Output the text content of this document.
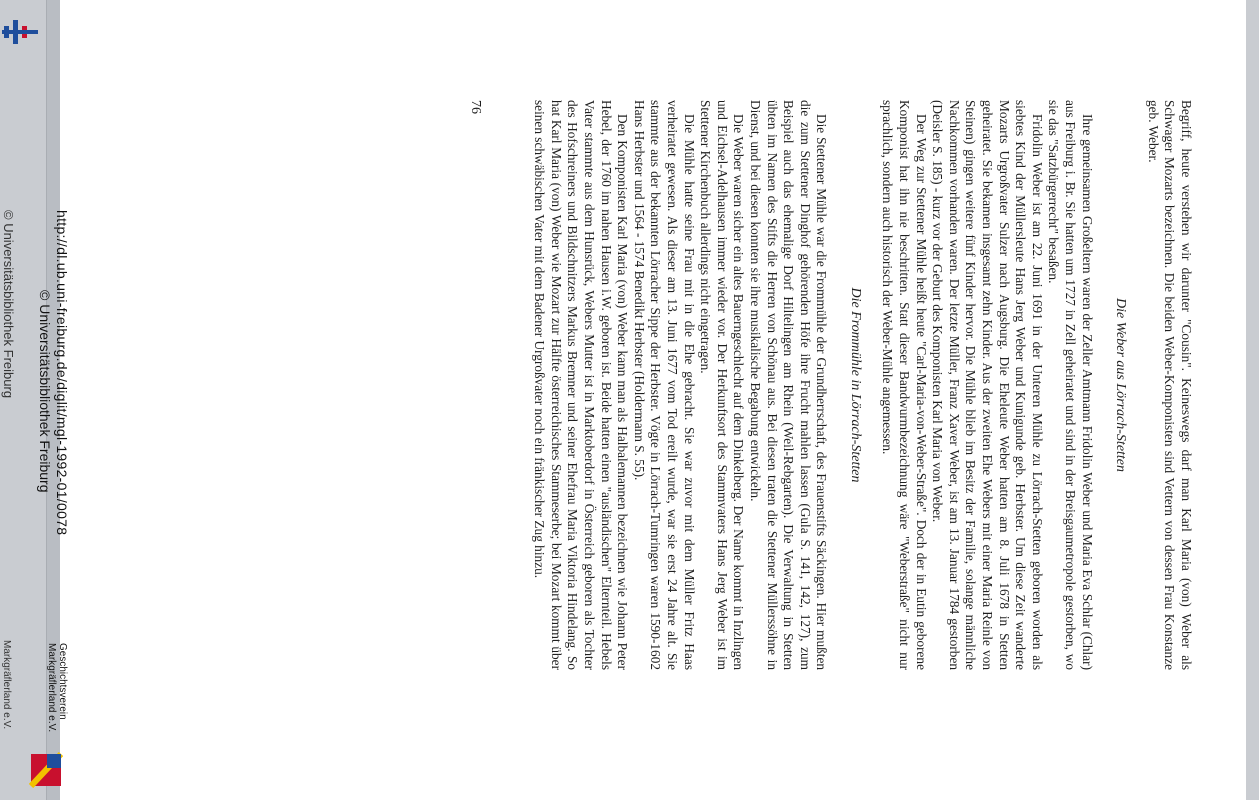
Begriff, heute verstehen wir darunter "Cousin". Keineswegs darf man Karl Maria (von) Weber als Schwager Mozarts bezeichnen. Die beiden Weber-Komponisten sind Vettern von dessen Frau Konstanze geb. Weber.

Die Weber aus Lörrach-Stetten

Ihre gemeinsamen Großeltern waren der Zeller Amtmann Fridolin Weber und Maria Eva Schlar (Chlar) aus Freiburg i. Br. Sie hatten um 1727 in Zell geheiratet und sind in der Breisgaumetropole gestorben, wo sie das "Satzbürgerrecht" besaßen.

Fridolin Weber ist am 22. Juni 1691 in der Unteren Mühle zu Lörrach-Stetten geboren worden als siebtes Kind der Müllersleute Hans Jerg Weber und Kunigunde geb. Herbster. Um diese Zeit wanderte Mozarts Urgroßvater Sulzer nach Augsburg. Die Eheleute Weber hatten am 8. Juli 1678 in Stetten geheiratet. Sie bekamen insgesamt zehn Kinder. Aus der zweiten Ehe Webers mit einer Maria Reinle von Steinen) gingen weitere fünf Kinder hervor. Die Mühle blieb im Besitz der Familie, solange männliche Nachkommen vorhanden waren. Der letzte Müller, Franz Xaver Weber, ist am 13. Januar 1784 gestorben (Deisler S. 185) - kurz vor der Geburt des Komponisten Karl Maria von Weber.

Der Weg zur Stettener Mühle heißt heute "Carl-Maria-von-Weber-Straße". Doch der in Eutin geborene Komponist hat ihn nie beschritten. Statt dieser Bandwurmbezeichnung wäre "Weberstraße" nicht nur sprachlich, sondern auch historisch der Weber-Mühle angemessen.

Die Frommühle in Lörrach-Stetten

Die Stettener Mühle war die Frommühle der Grundherrschaft, des Frauenstifts Säckingen. Hier mußten die zum Stettener Dinghof gehörenden Höfe ihre Frucht mahlen lassen (Gula S. 141, 142, 127), zum Beispiel auch das ehemalige Dorf Hiltelingen am Rhein (Weil-Rebgarten). Die Verwaltung in Stetten übten im Namen des Stifts die Herren von Schönau aus. Bei diesen traten die Stettener Müllerssöhne in Dienst, und bei diesen konnten sie ihre musikalische Begabung entwickeln.

Die Weber waren sicher ein altes Bauerngeschlecht auf dem Dinkelberg. Der Name kommt in Inzlingen und Eichsel-Adelhausen immer wieder vor. Der Herkunftsort des Stammvaters Hans Jerg Weber ist im Stettener Kirchenbuch allerdings nicht eingetragen.

Die Mühle hatte seine Frau mit in die Ehe gebracht. Sie war zuvor mit dem Müller Fritz Haas verheiratet gewesen. Als dieser am 13. Juni 1677 vom Tod ereilt wurde, war sie erst 24 Jahre alt. Sie stammte aus der bekannten Lörracher Sippe der Herbster. Vögte in Lörrach-Tumringen waren 1590-1602 Hans Herbster und 1564 - 1574 Benedikt Herbster (Holdermann S. 55).

Den Komponisten Karl Maria (von) Weber kann man als Halbalemannen bezeichnen wie Johann Peter Hebel, der 1760 im nahen Hausen i.W. geboren ist. Beide hatten einen "ausländischen" Elternteil. Hebels Vater stammte aus dem Hunsrück, Webers Mutter ist in Marktoberdorf in Österreich geboren als Tochter des Hofschreiners und Bildschnitzers Markus Bremner und seiner Ehefrau Maria Viktoria Hindelang. So hat Karl Maria (von) Weber wie Mozart zur Hälfte österreichisches Stammeserbe; bei Mozart kommt über seinen schwäbischen Vater mit dem Badener Urgroßvater noch ein fränkischer Zug hinzu.

76
http://dl.ub.uni-freiburg.de/diglit/mgl-1992-01/0078
© Universitätsbibliothek Freiburg
Geschichtsverein
Markgräflerland e.V.
© Universitätsbibliothek Freiburg
Markgräflerland e.V.
